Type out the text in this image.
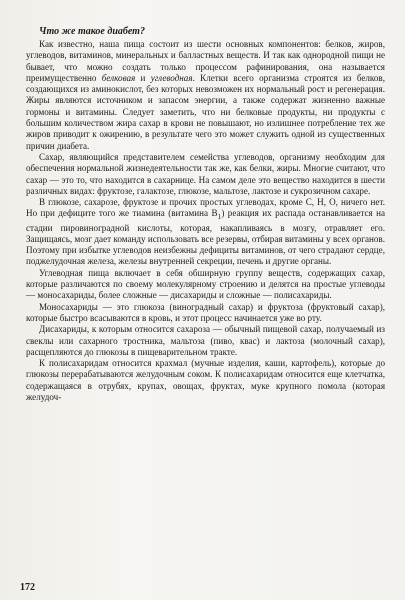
Что же такое диабет?
Как известно, наша пища состоит из шести основных компонентов: белков, жиров, углеводов, витаминов, минеральных и балластных веществ. И так как однородной пищи не бывает, что можно создать только процессом рафинирования, она называется преимущественно белковая и углеводная. Клетки всего организма строятся из белков, создающихся из аминокислот, без которых невозможен их нормальный рост и регенерация. Жиры являются источником и запасом энергии, а также содержат жизненно важные гормоны и витамины. Следует заметить, что ни белковые продукты, ни продукты с большим количеством жира сахар в крови не повышают, но излишнее потребление тех же жиров приводит к ожирению, в результате чего это может служить одной из существенных причин диабета.
Сахар, являющийся представителем семейства углеводов, организму необходим для обеспечения нормальной жизнедеятельности так же, как белки, жиры. Многие считают, что сахар — это то, что находится в сахарнице. На самом деле это вещество находится в шести различных видах: фруктозе, галактозе, глюкозе, мальтозе, лактозе и сукрозичном сахаре.
В глюкозе, сахарозе, фруктозе и прочих простых углеводах, кроме С, Н, О, ничего нет. Но при дефиците того же тиамина (витамина $В_1$) реакция их распада останавливается на стадии пировиноградной кислоты, которая, накапливаясь в мозгу, отравляет его. Защищаясь, мозг дает команду использовать все резервы, отбирая витамины у всех органов. Поэтому при избытке углеводов неизбежны дефициты витаминов, от чего страдают сердце, поджелудочная железа, железы внутренней секреции, печень и другие органы.
Углеводная пища включает в себя обширную группу веществ, содержащих сахар, которые различаются по своему молекулярному строению и делятся на простые углеводы — моносахариды, более сложные — дисахариды и сложные — полисахариды.
Моносахариды — это глюкоза (виноградный сахар) и фруктоза (фруктовый сахар), которые быстро всасываются в кровь, и этот процесс начинается уже во рту.
Дисахариды, к которым относится сахароза — обычный пищевой сахар, получаемый из свеклы или сахарного тростника, мальтоза (пиво, квас) и лактоза (молочный сахар), расщепляются до глюкозы в пищеварительном тракте.
К полисахаридам относится крахмал (мучные изделия, каши, картофель), которые до глюкозы перерабатываются желудочным соком. К полисахаридам относится еще клетчатка, содержащаяся в отрубях, крупах, овощах, фруктах, муке крупного помола (которая желудоч-
172
